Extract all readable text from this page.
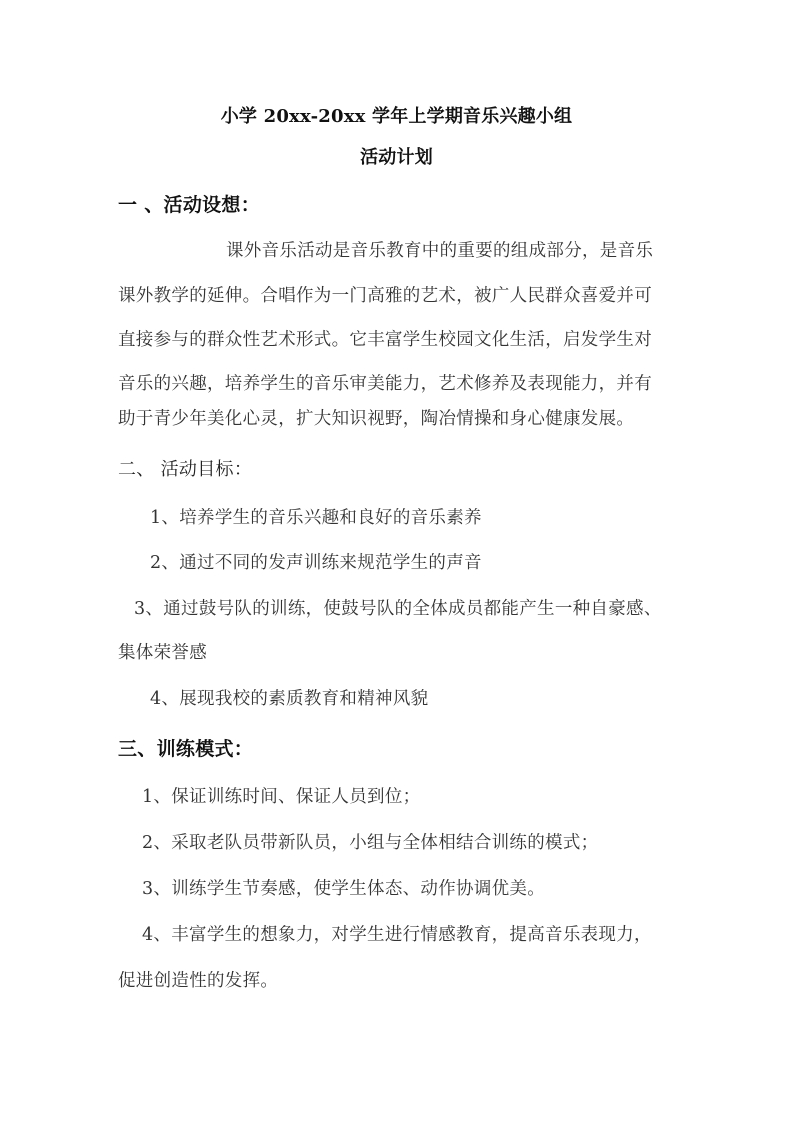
小学 20xx-20xx 学年上学期音乐兴趣小组
活动计划
一 、活动设想：
课外音乐活动是音乐教育中的重要的组成部分，是音乐
课外教学的延伸。合唱作为一门高雅的艺术，被广人民群众喜爱并可
直接参与的群众性艺术形式。它丰富学生校园文化生活，启发学生对
音乐的兴趣，培养学生的音乐审美能力，艺术修养及表现能力，并有
助于青少年美化心灵，扩大知识视野，陶冶情操和身心健康发展。
二、 活动目标：
1、培养学生的音乐兴趣和良好的音乐素养
2、通过不同的发声训练来规范学生的声音
3、通过鼓号队的训练，使鼓号队的全体成员都能产生一种自豪感、
集体荣誉感
4、展现我校的素质教育和精神风貌
三、训练模式：
1、保证训练时间、保证人员到位；
2、采取老队员带新队员，小组与全体相结合训练的模式；
3、训练学生节奏感，使学生体态、动作协调优美。
4、丰富学生的想象力，对学生进行情感教育，提高音乐表现力，
促进创造性的发挥。
